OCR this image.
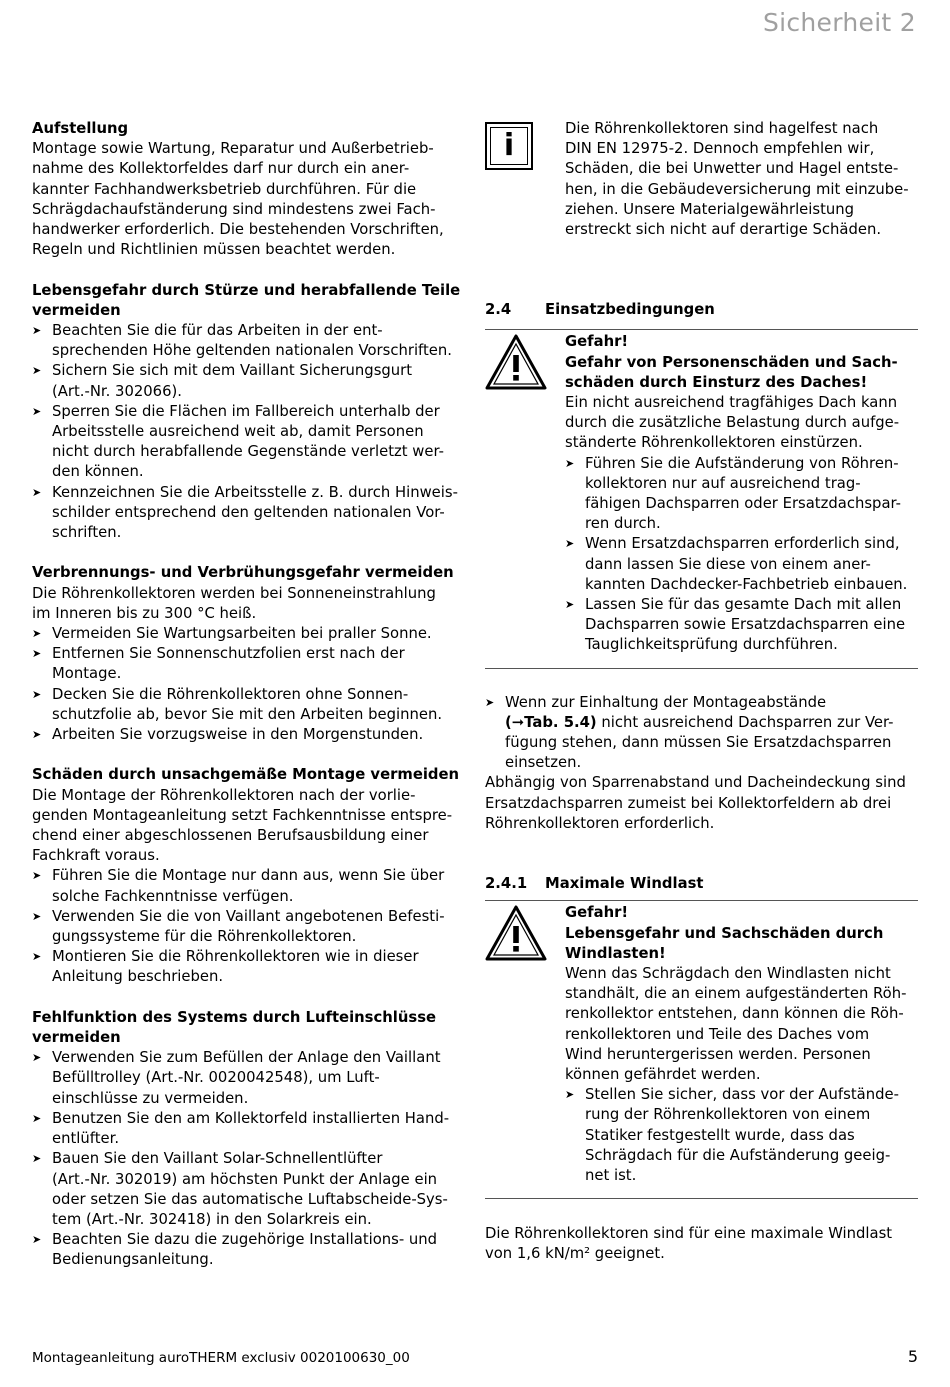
Sicherheit 2
Aufstellung
Montage sowie Wartung, Reparatur und Außerbetrieb-
nahme des Kollektorfeldes darf nur durch ein aner-
kannter Fachhandwerksbetrieb durchführen. Für die
Schrägdachaufständerung sind mindestens zwei Fach-
handwerker erforderlich. Die bestehenden Vorschriften,
Regeln und Richtlinien müssen beachtet werden.
Lebensgefahr durch Stürze und herabfallende Teile
vermeiden
➤ Beachten Sie die für das Arbeiten in der ent-
sprechenden Höhe geltenden nationalen Vorschriften.
➤ Sichern Sie sich mit dem Vaillant Sicherungsgurt
(Art.-Nr. 302066).
➤ Sperren Sie die Flächen im Fallbereich unterhalb der
Arbeitsstelle ausreichend weit ab, damit Personen
nicht durch herabfallende Gegenstände verletzt wer-
den können.
➤ Kennzeichnen Sie die Arbeitsstelle z. B. durch Hinweis-
schilder entsprechend den geltenden nationalen Vor-
schriften.
Verbrennungs- und Verbrühungsgefahr vermeiden
Die Röhrenkollektoren werden bei Sonneneinstrahlung
im Inneren bis zu 300 °C heiß.
➤ Vermeiden Sie Wartungsarbeiten bei praller Sonne.
➤ Entfernen Sie Sonnenschutzfolien erst nach der
Montage.
➤ Decken Sie die Röhrenkollektoren ohne Sonnen-
schutzfolie ab, bevor Sie mit den Arbeiten beginnen.
➤ Arbeiten Sie vorzugsweise in den Morgenstunden.
Schäden durch unsachgemäße Montage vermeiden
Die Montage der Röhrenkollektoren nach der vorlie-
genden Montageanleitung setzt Fachkenntnisse entspre-
chend einer abgeschlossenen Berufsausbildung einer
Fachkraft voraus.
➤ Führen Sie die Montage nur dann aus, wenn Sie über
solche Fachkenntnisse verfügen.
➤ Verwenden Sie die von Vaillant angebotenen Befesti-
gungssysteme für die Röhrenkollektoren.
➤ Montieren Sie die Röhrenkollektoren wie in dieser
Anleitung beschrieben.
Fehlfunktion des Systems durch Lufteinschlüsse
vermeiden
➤ Verwenden Sie zum Befüllen der Anlage den Vaillant
Befülltrolley (Art.-Nr. 0020042548), um Luft-
einschlüsse zu vermeiden.
➤ Benutzen Sie den am Kollektorfeld installierten Hand-
entlüfter.
➤ Bauen Sie den Vaillant Solar-Schnellentlüfter
(Art.-Nr. 302019) am höchsten Punkt der Anlage ein
oder setzen Sie das automatische Luftabscheide-Sys-
tem (Art.-Nr. 302418) in den Solarkreis ein.
➤ Beachten Sie dazu die zugehörige Installations- und
Bedienungsanleitung.
i	Die Röhrenkollektoren sind hagelfest nach
DIN EN 12975-2. Dennoch empfehlen wir,
Schäden, die bei Unwetter und Hagel entste-
hen, in die Gebäudeversicherung mit einzube-
ziehen. Unsere Materialgewährleistung
erstreckt sich nicht auf derartige Schäden.
2.4	Einsatzbedingungen
Gefahr!
Gefahr von Personenschäden und Sach-
schäden durch Einsturz des Daches!
Ein nicht ausreichend tragfähiges Dach kann
durch die zusätzliche Belastung durch aufge-
ständerte Röhrenkollektoren einstürzen.
➤ Führen Sie die Aufständerung von Röhren-
kollektoren nur auf ausreichend trag-
fähigen Dachsparren oder Ersatzdachspar-
ren durch.
➤ Wenn Ersatzdachsparren erforderlich sind,
dann lassen Sie diese von einem aner-
kannten Dachdecker-Fachbetrieb einbauen.
➤ Lassen Sie für das gesamte Dach mit allen
Dachsparren sowie Ersatzdachsparren eine
Tauglichkeitsprüfung durchführen.
➤ Wenn zur Einhaltung der Montageabstände
(➞Tab. 5.4) nicht ausreichend Dachsparren zur Ver-
fügung stehen, dann müssen Sie Ersatzdachsparren
einsetzen.
Abhängig von Sparrenabstand und Dacheindeckung sind
Ersatzdachsparren zumeist bei Kollektorfeldern ab drei
Röhrenkollektoren erforderlich.
2.4.1	Maximale Windlast
Gefahr!
Lebensgefahr und Sachschäden durch
Windlasten!
Wenn das Schrägdach den Windlasten nicht
standhält, die an einem aufgeständerten Röh-
renkollektor entstehen, dann können die Röh-
renkollektoren und Teile des Daches vom
Wind heruntergerissen werden. Personen
können gefährdet werden.
➤ Stellen Sie sicher, dass vor der Aufstände-
rung der Röhrenkollektoren von einem
Statiker festgestellt wurde, dass das
Schrägdach für die Aufständerung geeig-
net ist.
Die Röhrenkollektoren sind für eine maximale Windlast
von 1,6 kN/m² geeignet.
Montageanleitung auroTHERM exclusiv 0020100630_00	5
